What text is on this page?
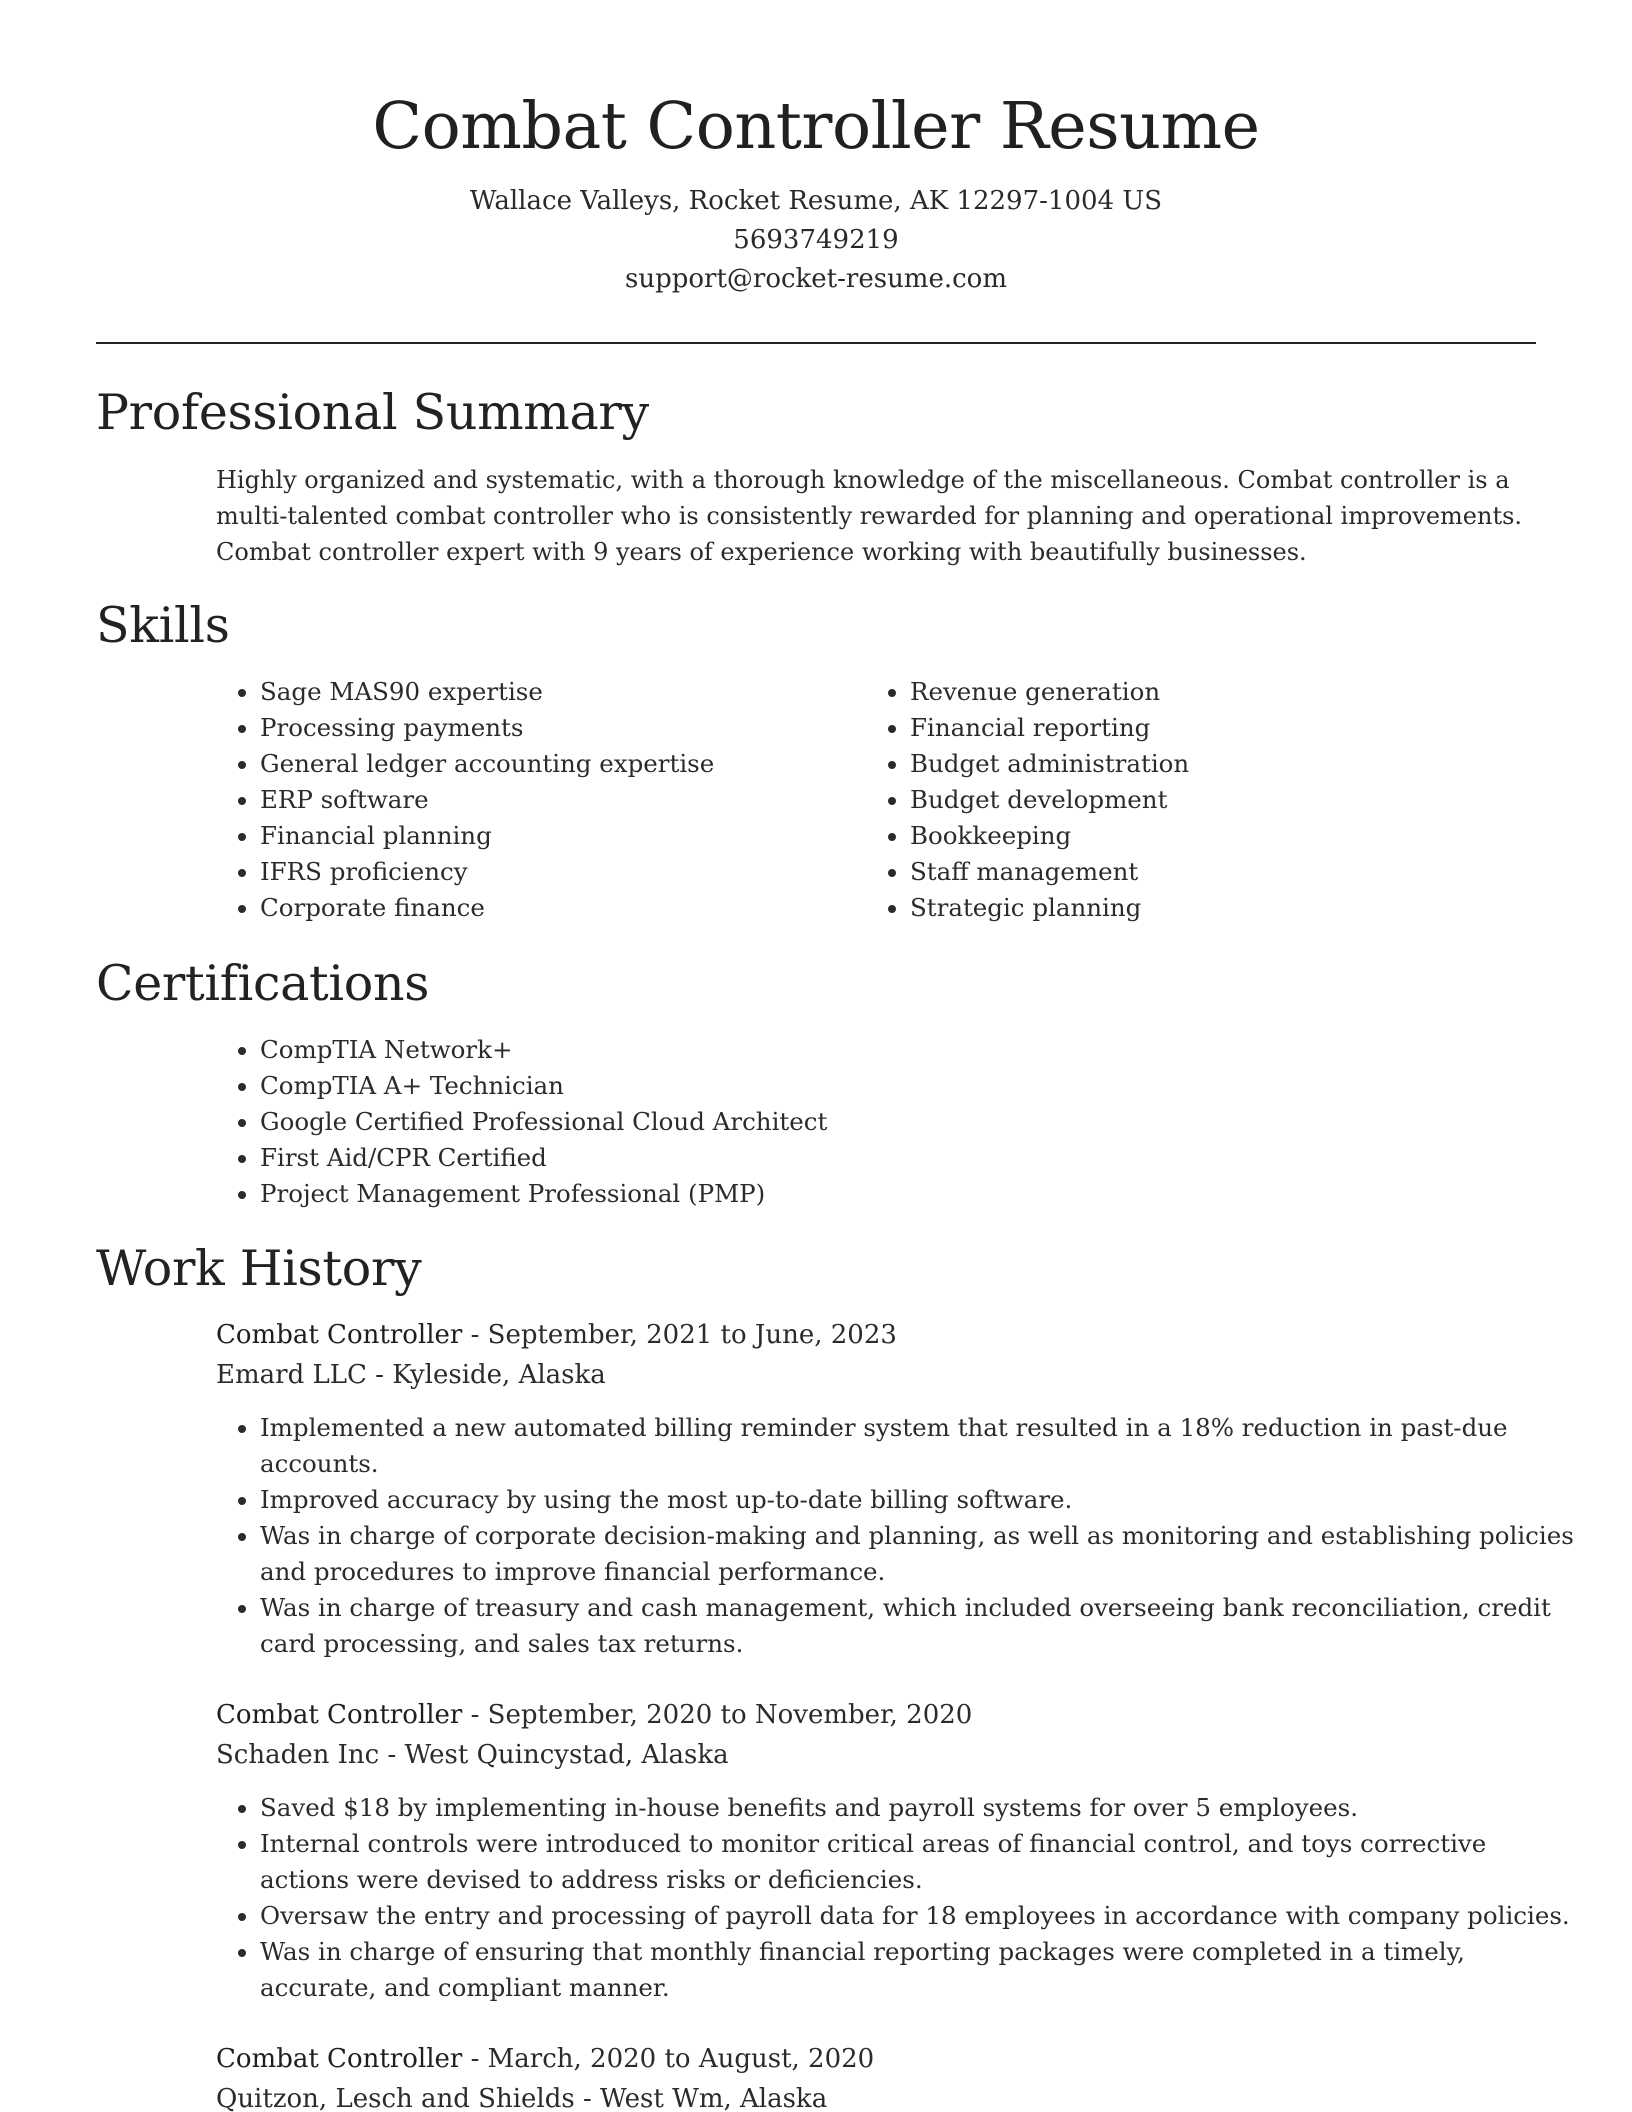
Combat Controller Resume
Wallace Valleys, Rocket Resume, AK 12297-1004 US
5693749219
support@rocket-resume.com
Professional Summary

Highly organized and systematic, with a thorough knowledge of the miscellaneous. Combat controller is a multi-talented combat controller who is consistently rewarded for planning and operational improvements. Combat controller expert with 9 years of experience working with beautifully businesses.

Skills
• Sage MAS90 expertise
• Processing payments
• General ledger accounting expertise
• ERP software
• Financial planning
• IFRS proficiency
• Corporate finance
• Revenue generation
• Financial reporting
• Budget administration
• Budget development
• Bookkeeping
• Staff management
• Strategic planning
Certifications
• CompTIA Network+
• CompTIA A+ Technician
• Google Certified Professional Cloud Architect
• First Aid/CPR Certified
• Project Management Professional (PMP)
Work History
Combat Controller - September, 2021 to June, 2023
Emard LLC - Kyleside, Alaska
• Implemented a new automated billing reminder system that resulted in a 18% reduction in past-due accounts.
• Improved accuracy by using the most up-to-date billing software.
• Was in charge of corporate decision-making and planning, as well as monitoring and establishing policies and procedures to improve financial performance.
• Was in charge of treasury and cash management, which included overseeing bank reconciliation, credit card processing, and sales tax returns.
Combat Controller - September, 2020 to November, 2020
Schaden Inc - West Quincystad, Alaska
• Saved $18 by implementing in-house benefits and payroll systems for over 5 employees.
• Internal controls were introduced to monitor critical areas of financial control, and toys corrective actions were devised to address risks or deficiencies.
• Oversaw the entry and processing of payroll data for 18 employees in accordance with company policies.
• Was in charge of ensuring that monthly financial reporting packages were completed in a timely, accurate, and compliant manner.
Combat Controller - March, 2020 to August, 2020
Quitzon, Lesch and Shields - West Wm, Alaska
